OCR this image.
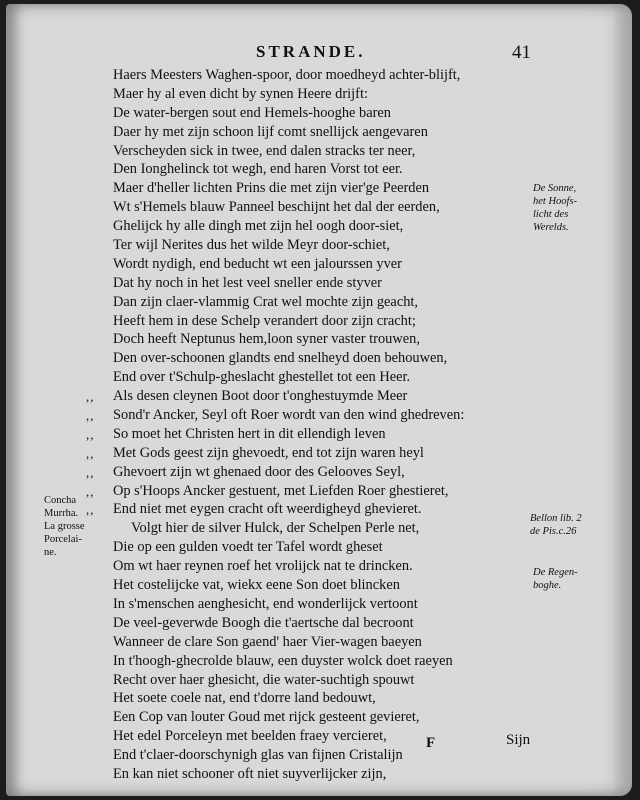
STRANDE.	41
Haers Meesters Waghen-spoor, door moedheyd achter-blijft,
Maer hy al even dicht by synen Heere drijft:
De water-bergen sout end Hemels-hooghe baren
Daer hy met zijn schoon lijf comt snellijck aengevaren
Verscheyden sick in twee, end dalen stracks ter neer,
Den Ionghelinck tot wegh, end haren Vorst tot eer.
Maer d'heller lichten Prins die met zijn vier'ge Peerden
Wt s'Hemels blauw Panneel beschijnt het dal der eerden,
Ghelijck hy alle dingh met zijn hel oogh door-siet,
Ter wijl Nerites dus het wilde Meyr door-schiet,
Wordt nydigh, end beducht wt een jalourssen yver
Dat hy noch in het lest veel sneller ende styver
Dan zijn claer-vlammig Crat wel mochte zijn geacht,
Heeft hem in dese Schelp verandert door zijn cracht;
Doch heeft Neptunus hem,loon syner vaster trouwen,
Den over-schoonen glandts end snelheyd doen behouwen,
End over t'Schulp-gheslacht ghestellet tot een Heer.
,,	Als desen cleynen Boot door t'onghestuymde Meer
,,	Sond'r Ancker, Seyl oft Roer wordt van den wind ghedreven:
,,	So moet het Christen hert in dit ellendigh leven
,,	Met Gods geest zijn ghevoedt, end tot zijn waren heyl
,,	Ghevoert zijn wt ghenaed door des Gelooves Seyl,
,,	Op s'Hoops Ancker gestuent, met Liefden Roer ghestieret,
,,	End niet met eygen cracht oft weerdigheyd ghevieret.
Volgt hier de silver Hulck, der Schelpen Perle net,
Die op een gulden voedt ter Tafel wordt gheset
Om wt haer reynen roef het vrolijck nat te drincken.
Het costelijcke vat, wiekx eene Son doet blincken
In s'menschen aenghesicht, end wonderlijck vertoont
De veel-geverwde Boogh die t'aertsche dal becroont
Wanneer de clare Son gaend' haer Vier-wagen baeyen
In t'hoogh-ghecrolde blauw, een duyster wolck doet raeyen
Recht over haer ghesicht, die water-suchtigh spouwt
Het soete coele nat, end t'dorre land bedouwt,
Een Cop van louter Goud met rijck gesteent gevieret,
Het edel Porceleyn met beelden fraey vercieret,
End t'claer-doorschynigh glas van fijnen Cristalijn
En kan niet schooner oft niet suyverlijcker zijn,
De Sonne,
het Hoofs-
licht des
Werelds.
Concha
Murrha.
La grosse
Porcelai-
ne.
Bellon lib. 2
de Pis.c.26
De Regen-
boghe.
F	Sijn
